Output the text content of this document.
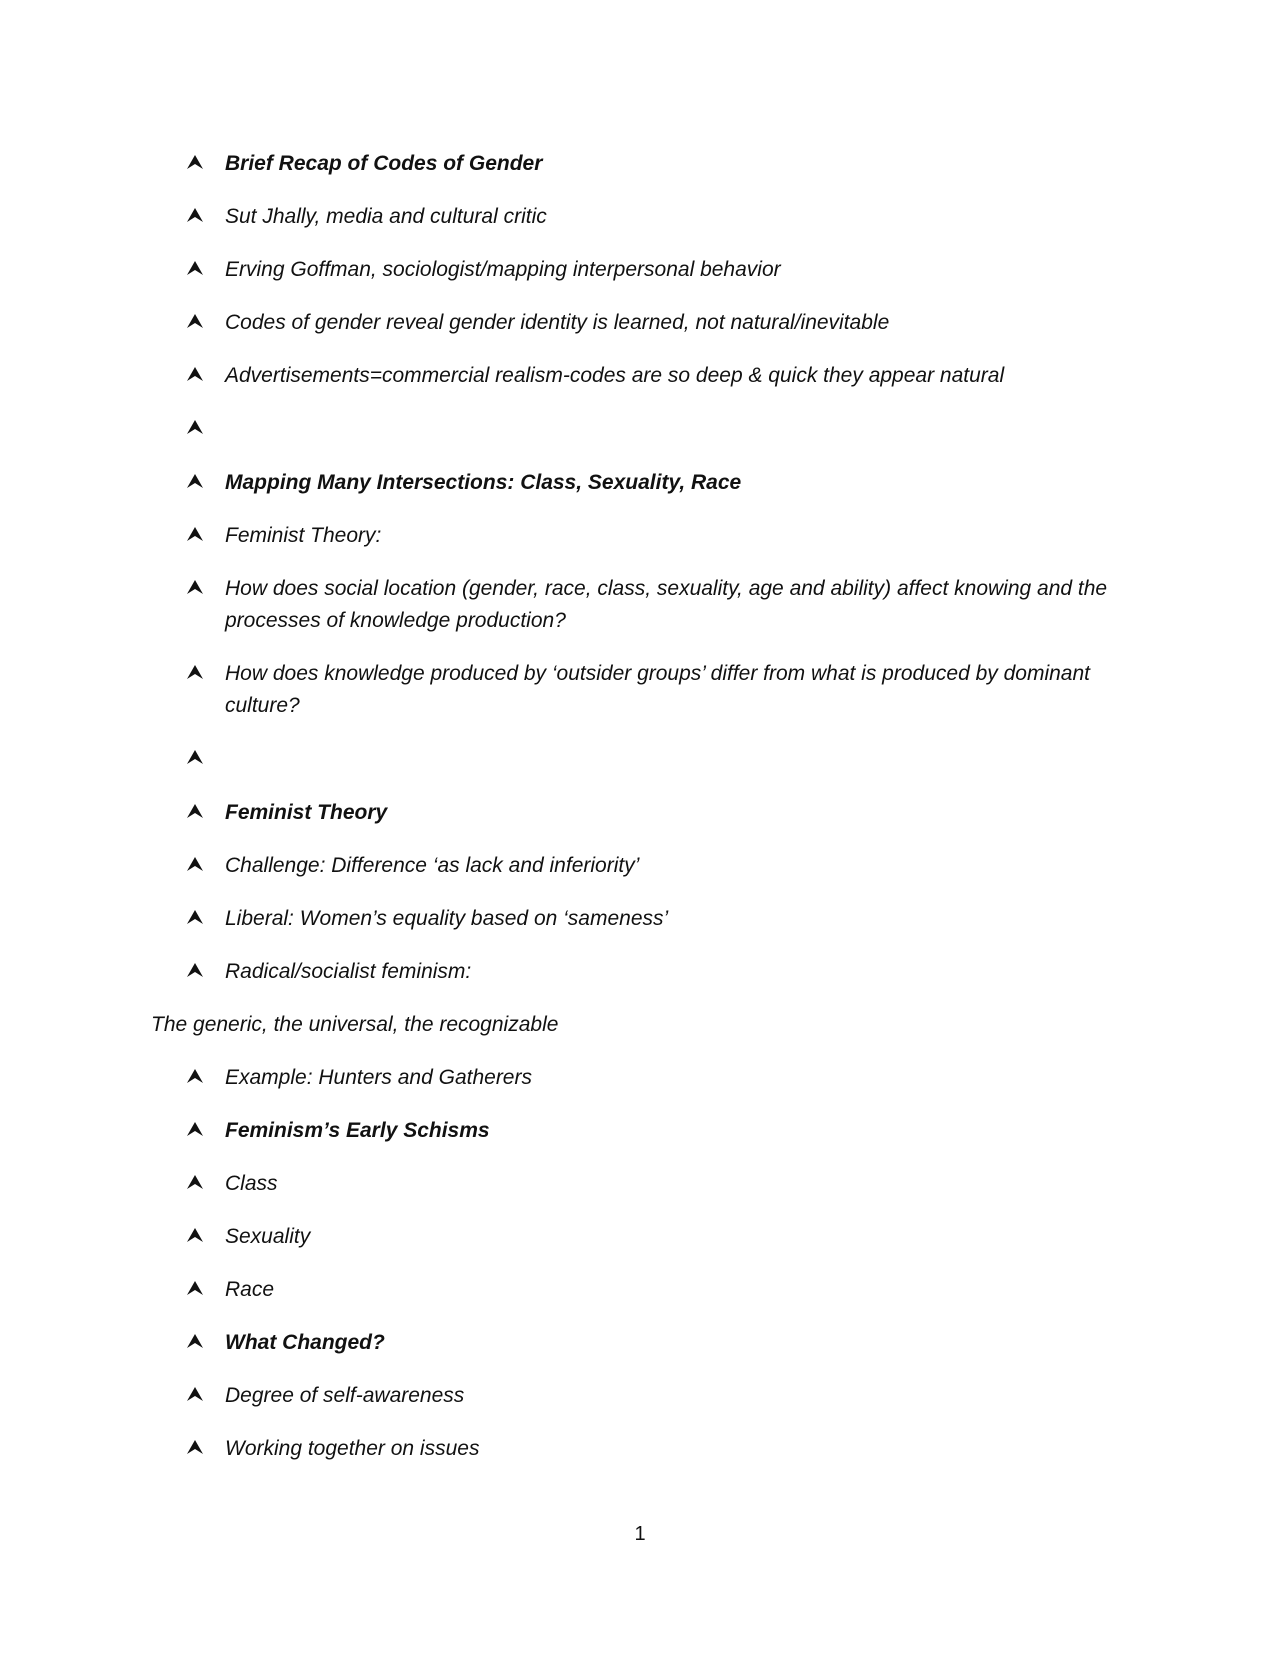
Brief Recap of Codes of Gender
Sut Jhally, media and cultural critic
Erving Goffman, sociologist/mapping interpersonal behavior
Codes of gender reveal gender identity is learned, not natural/inevitable
Advertisements=commercial realism-codes are so deep & quick they appear natural
Mapping Many Intersections: Class, Sexuality, Race
Feminist Theory:
How does social location (gender, race, class, sexuality, age and ability) affect knowing and the
processes of knowledge production?
How does knowledge produced by ‘outsider groups’ differ from what is produced by dominant
culture?
Feminist Theory
Challenge: Difference ‘as lack and inferiority’
Liberal: Women’s equality based on ‘sameness’
Radical/socialist feminism:
The generic, the universal, the recognizable
Example: Hunters and Gatherers
Feminism’s Early Schisms
Class
Sexuality
Race
What Changed?
Degree of self-awareness
Working together on issues
1
